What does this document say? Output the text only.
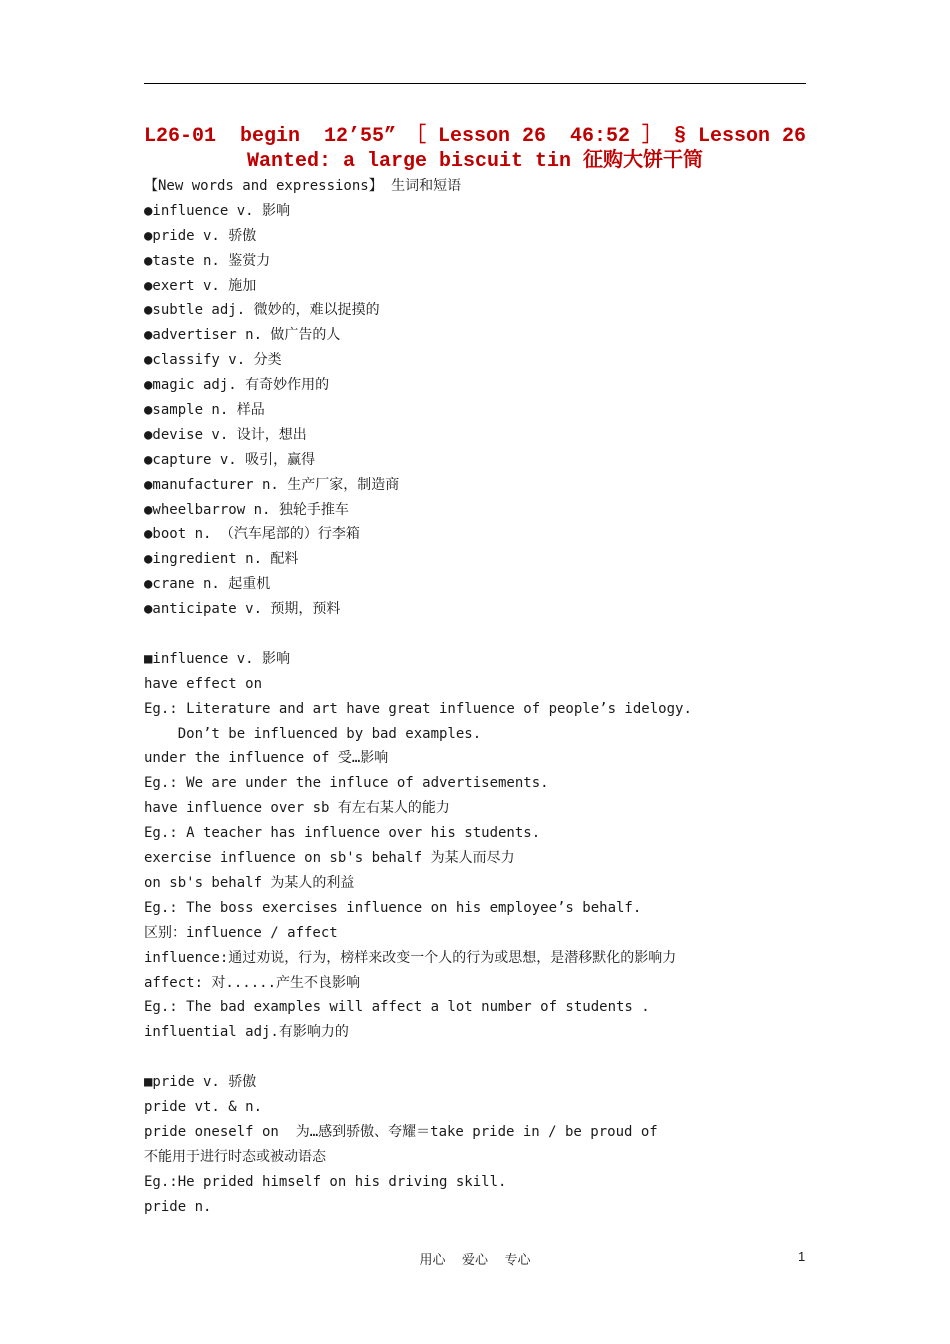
L26-01  begin  12’55” ［ Lesson 26  46:52 ］ § Lesson 26
Wanted: a large biscuit tin 征购大饼干筒
【New words and expressions】 生词和短语
●influence v. 影响
●pride v. 骄傲
●taste n. 鉴赏力
●exert v. 施加
●subtle adj. 微妙的，难以捉摸的
●advertiser n. 做广告的人
●classify v. 分类
●magic adj. 有奇妙作用的
●sample n. 样品
●devise v. 设计，想出
●capture v. 吸引，赢得
●manufacturer n. 生产厂家，制造商
●wheelbarrow n. 独轮手推车
●boot n. （汽车尾部的）行李箱
●ingredient n. 配料
●crane n. 起重机
●anticipate v. 预期，预料
■influence v. 影响
have effect on
Eg.: Literature and art have great influence of people’s idelogy.
Don’t be influenced by bad examples.
under the influence of 受…影响
Eg.: We are under the influce of advertisements.
have influence over sb 有左右某人的能力
Eg.: A teacher has influence over his students.
exercise influence on sb's behalf 为某人而尽力
on sb's behalf 为某人的利益
Eg.: The boss exercises influence on his employee’s behalf.
区别：influence / affect
influence:通过劝说，行为，榜样来改变一个人的行为或思想，是潜移默化的影响力
affect: 对......产生不良影响
Eg.: The bad examples will affect a lot number of students .
influential adj.有影响力的
■pride v. 骄傲
pride vt. & n.
pride oneself on  为…感到骄傲、夸耀＝take pride in / be proud of
不能用于进行时态或被动语态
Eg.:He prided himself on his driving skill.
pride n.
用心    爱心    专心	1
